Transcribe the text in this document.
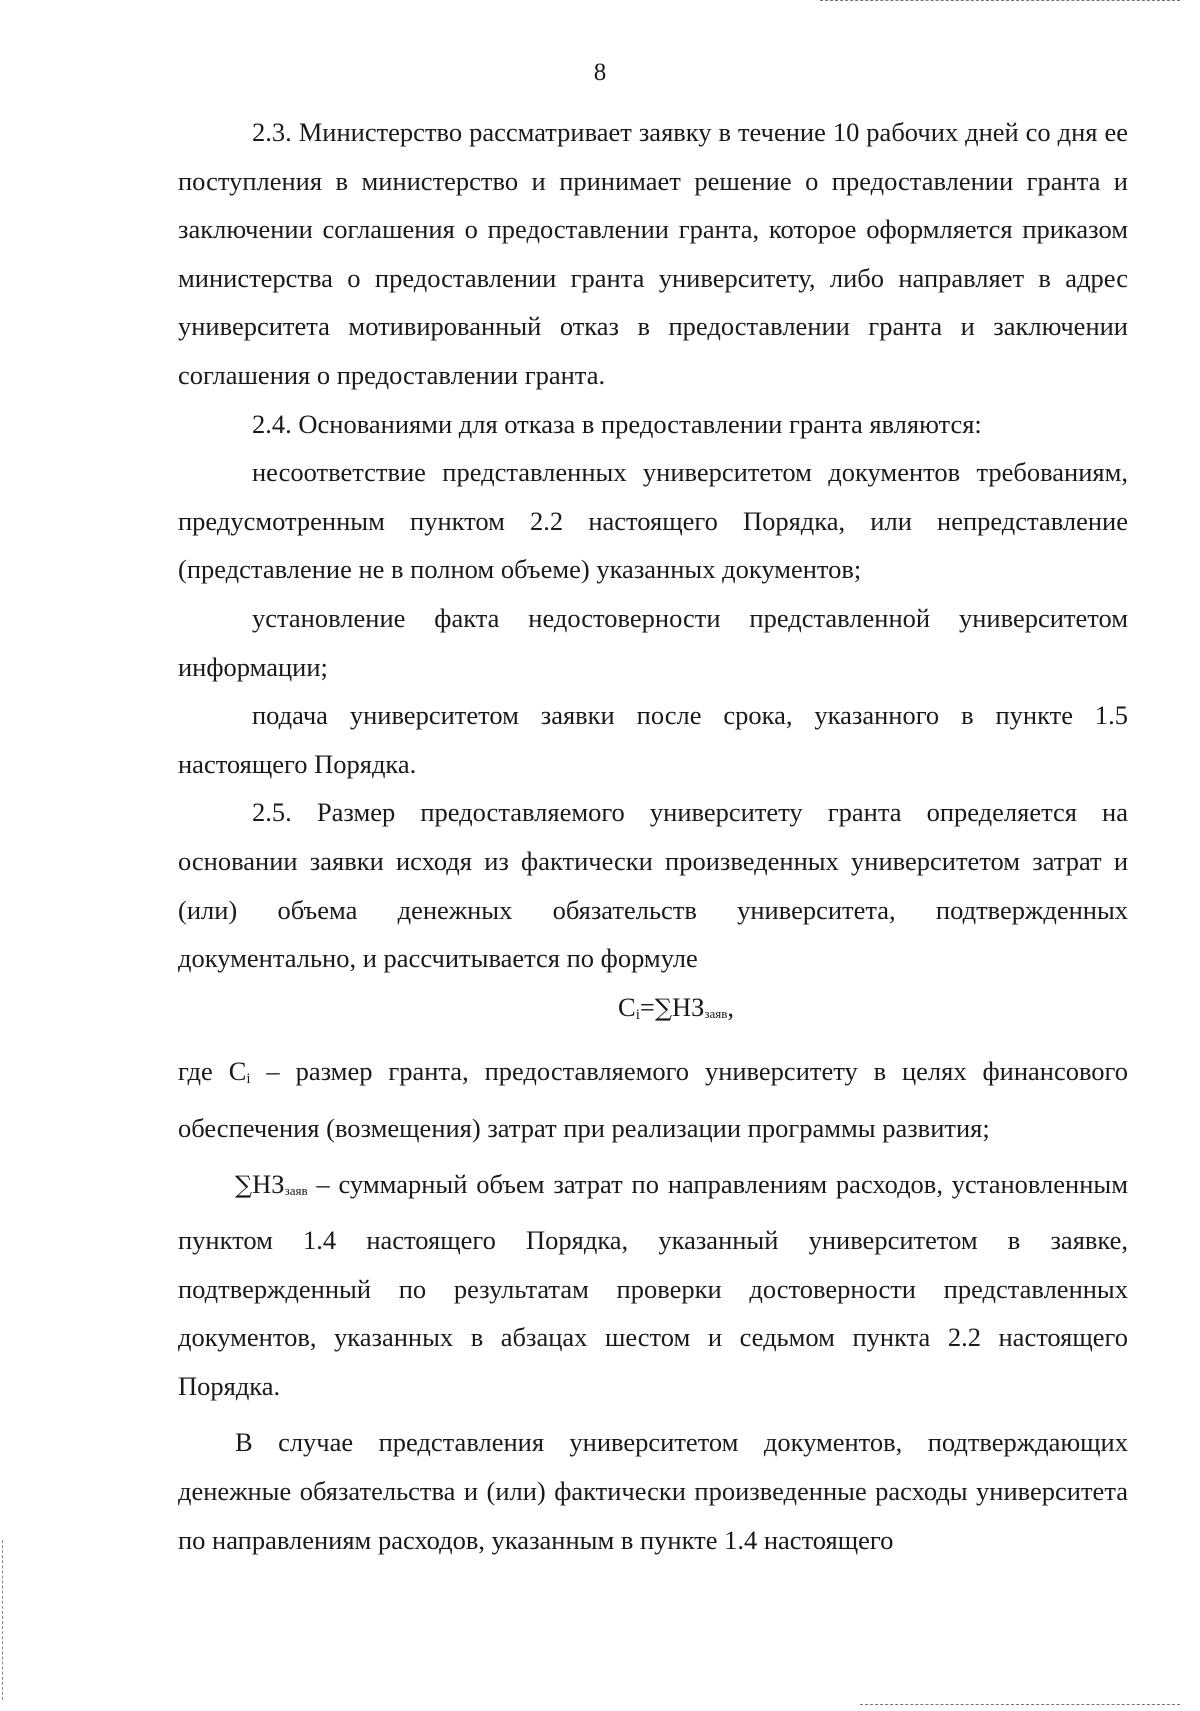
8

2.3. Министерство рассматривает заявку в течение 10 рабочих дней со дня ее поступления в министерство и принимает решение о предоставлении гранта и заключении соглашения о предоставлении гранта, которое оформляется приказом министерства о предоставлении гранта университету, либо направляет в адрес университета мотивированный отказ в предоставлении гранта и заключении соглашения о предоставлении гранта.

2.4. Основаниями для отказа в предоставлении гранта являются:

несоответствие представленных университетом документов требованиям, предусмотренным пунктом 2.2 настоящего Порядка, или непредставление (представление не в полном объеме) указанных документов;

установление факта недостоверности представленной университетом информации;

подача университетом заявки после срока, указанного в пункте 1.5 настоящего Порядка.

2.5. Размер предоставляемого университету гранта определяется на основании заявки исходя из фактически произведенных университетом затрат и (или) объема денежных обязательств университета, подтвержденных документально, и рассчитывается по формуле

Ci=∑НЗзаяв,

где Ci – размер гранта, предоставляемого университету в целях финансового обеспечения (возмещения) затрат при реализации программы развития;

∑НЗзаяв – суммарный объем затрат по направлениям расходов, установленным пунктом 1.4 настоящего Порядка, указанный университетом в заявке, подтвержденный по результатам проверки достоверности представленных документов, указанных в абзацах шестом и седьмом пункта 2.2 настоящего Порядка.

В случае представления университетом документов, подтверждающих денежные обязательства и (или) фактически произведенные расходы университета по направлениям расходов, указанным в пункте 1.4 настоящего
